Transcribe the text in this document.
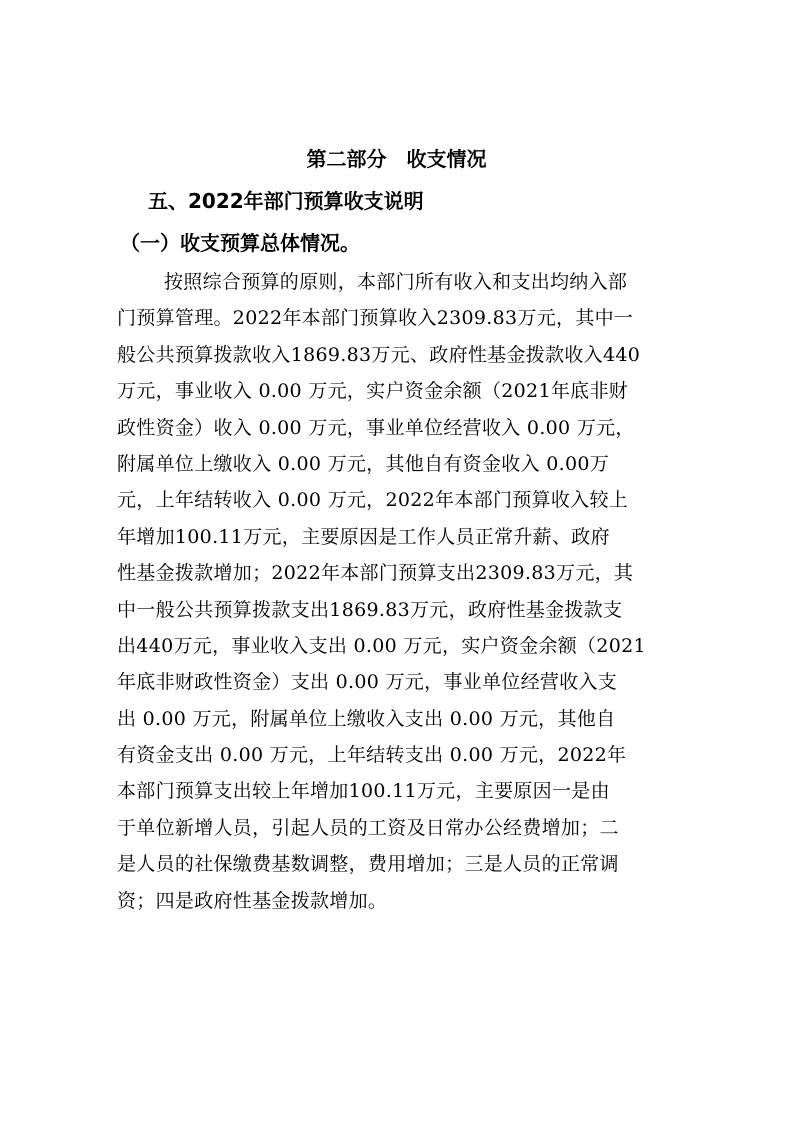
第二部分　收支情况
五、2022年部门预算收支说明
（一）收支预算总体情况。
按照综合预算的原则，本部门所有收入和支出均纳入部
门预算管理。2022年本部门预算收入2309.83万元，其中一
般公共预算拨款收入1869.83万元、政府性基金拨款收入440
万元，事业收入 0.00 万元，实户资金余额（2021年底非财
政性资金）收入 0.00 万元，事业单位经营收入 0.00 万元，
附属单位上缴收入 0.00 万元，其他自有资金收入 0.00万
元，上年结转收入 0.00 万元，2022年本部门预算收入较上
年增加100.11万元，主要原因是工作人员正常升薪、政府
性基金拨款增加；2022年本部门预算支出2309.83万元，其
中一般公共预算拨款支出1869.83万元，政府性基金拨款支
出440万元，事业收入支出 0.00 万元，实户资金余额（2021
年底非财政性资金）支出 0.00 万元，事业单位经营收入支
出 0.00 万元，附属单位上缴收入支出 0.00 万元，其他自
有资金支出 0.00 万元，上年结转支出 0.00 万元，2022年
本部门预算支出较上年增加100.11万元，主要原因一是由
于单位新增人员，引起人员的工资及日常办公经费增加；二
是人员的社保缴费基数调整，费用增加；三是人员的正常调
资；四是政府性基金拨款增加。
